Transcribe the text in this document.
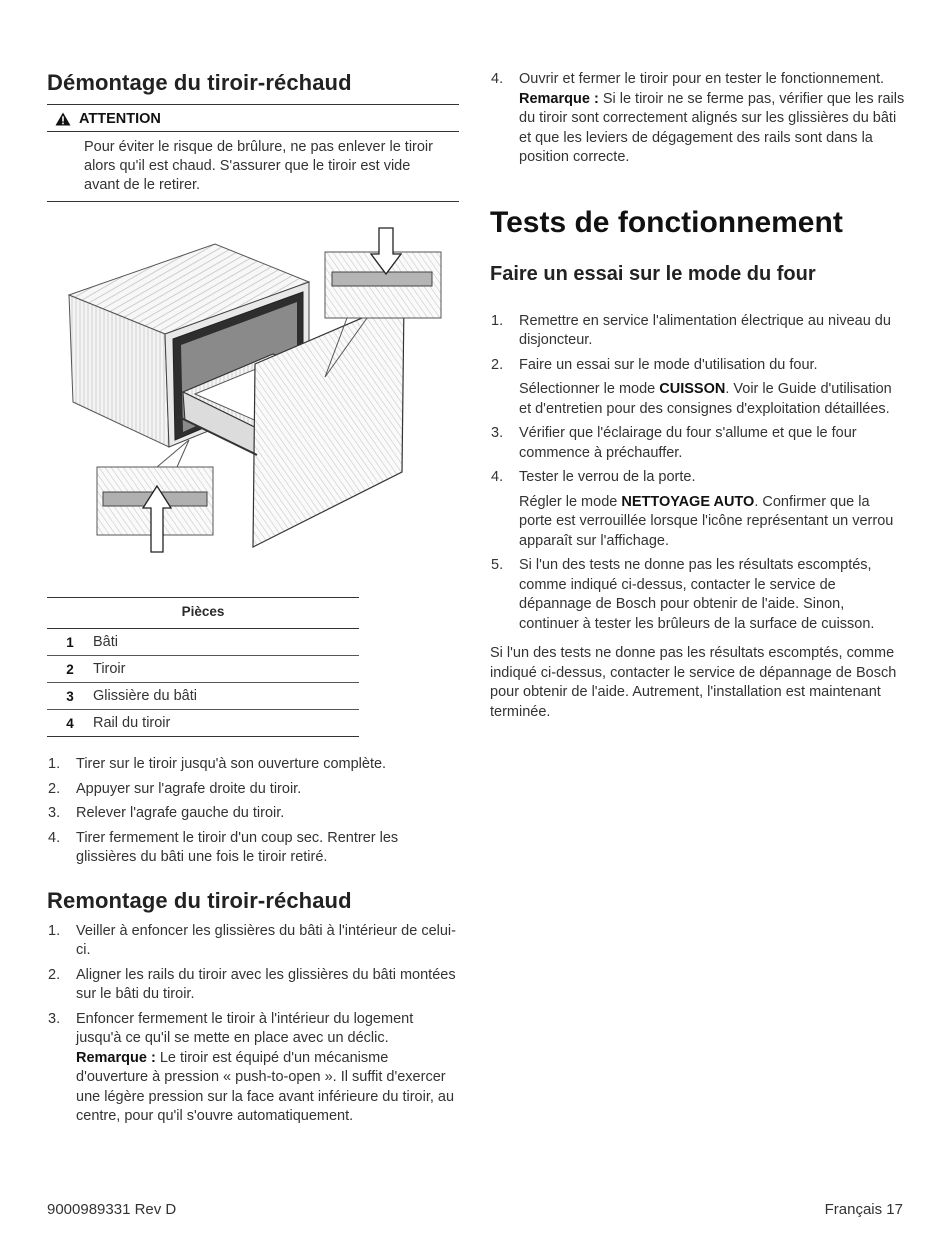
Démontage du tiroir-réchaud
ATTENTION
Pour éviter le risque de brûlure, ne pas enlever le tiroir alors qu'il est chaud. S'assurer que le tiroir est vide avant de le retirer.
Pièces
1	Bâti
2	Tiroir
3	Glissière du bâti
4	Rail du tiroir
1. Tirer sur le tiroir jusqu'à son ouverture complète.
2. Appuyer sur l'agrafe droite du tiroir.
3. Relever l'agrafe gauche du tiroir.
4. Tirer fermement le tiroir d'un coup sec. Rentrer les glissières du bâti une fois le tiroir retiré.
Remontage du tiroir-réchaud
1. Veiller à enfoncer les glissières du bâti à l'intérieur de celui-ci.
2. Aligner les rails du tiroir avec les glissières du bâti montées sur le bâti du tiroir.
3. Enfoncer fermement le tiroir à l'intérieur du logement jusqu'à ce qu'il se mette en place avec un déclic. Remarque : Le tiroir est équipé d'un mécanisme d'ouverture à pression « push-to-open ». Il suffit d'exercer une légère pression sur la face avant inférieure du tiroir, au centre, pour qu'il s'ouvre automatiquement.
4. Ouvrir et fermer le tiroir pour en tester le fonctionnement. Remarque : Si le tiroir ne se ferme pas, vérifier que les rails du tiroir sont correctement alignés sur les glissières du bâti et que les leviers de dégagement des rails sont dans la position correcte.
Tests de fonctionnement
Faire un essai sur le mode du four
1. Remettre en service l'alimentation électrique au niveau du disjoncteur.
2. Faire un essai sur le mode d'utilisation du four.
Sélectionner le mode CUISSON. Voir le Guide d'utilisation et d'entretien pour des consignes d'exploitation détaillées.
3. Vérifier que l'éclairage du four s'allume et que le four commence à préchauffer.
4. Tester le verrou de la porte.
Régler le mode NETTOYAGE AUTO. Confirmer que la porte est verrouillée lorsque l'icône représentant un verrou apparaît sur l'affichage.
5. Si l'un des tests ne donne pas les résultats escomptés, comme indiqué ci-dessus, contacter le service de dépannage de Bosch pour obtenir de l'aide. Sinon, continuer à tester les brûleurs de la surface de cuisson.

Si l'un des tests ne donne pas les résultats escomptés, comme indiqué ci-dessus, contacter le service de dépannage de Bosch pour obtenir de l'aide. Autrement, l'installation est maintenant terminée.

9000989331 Rev D	Français 17
